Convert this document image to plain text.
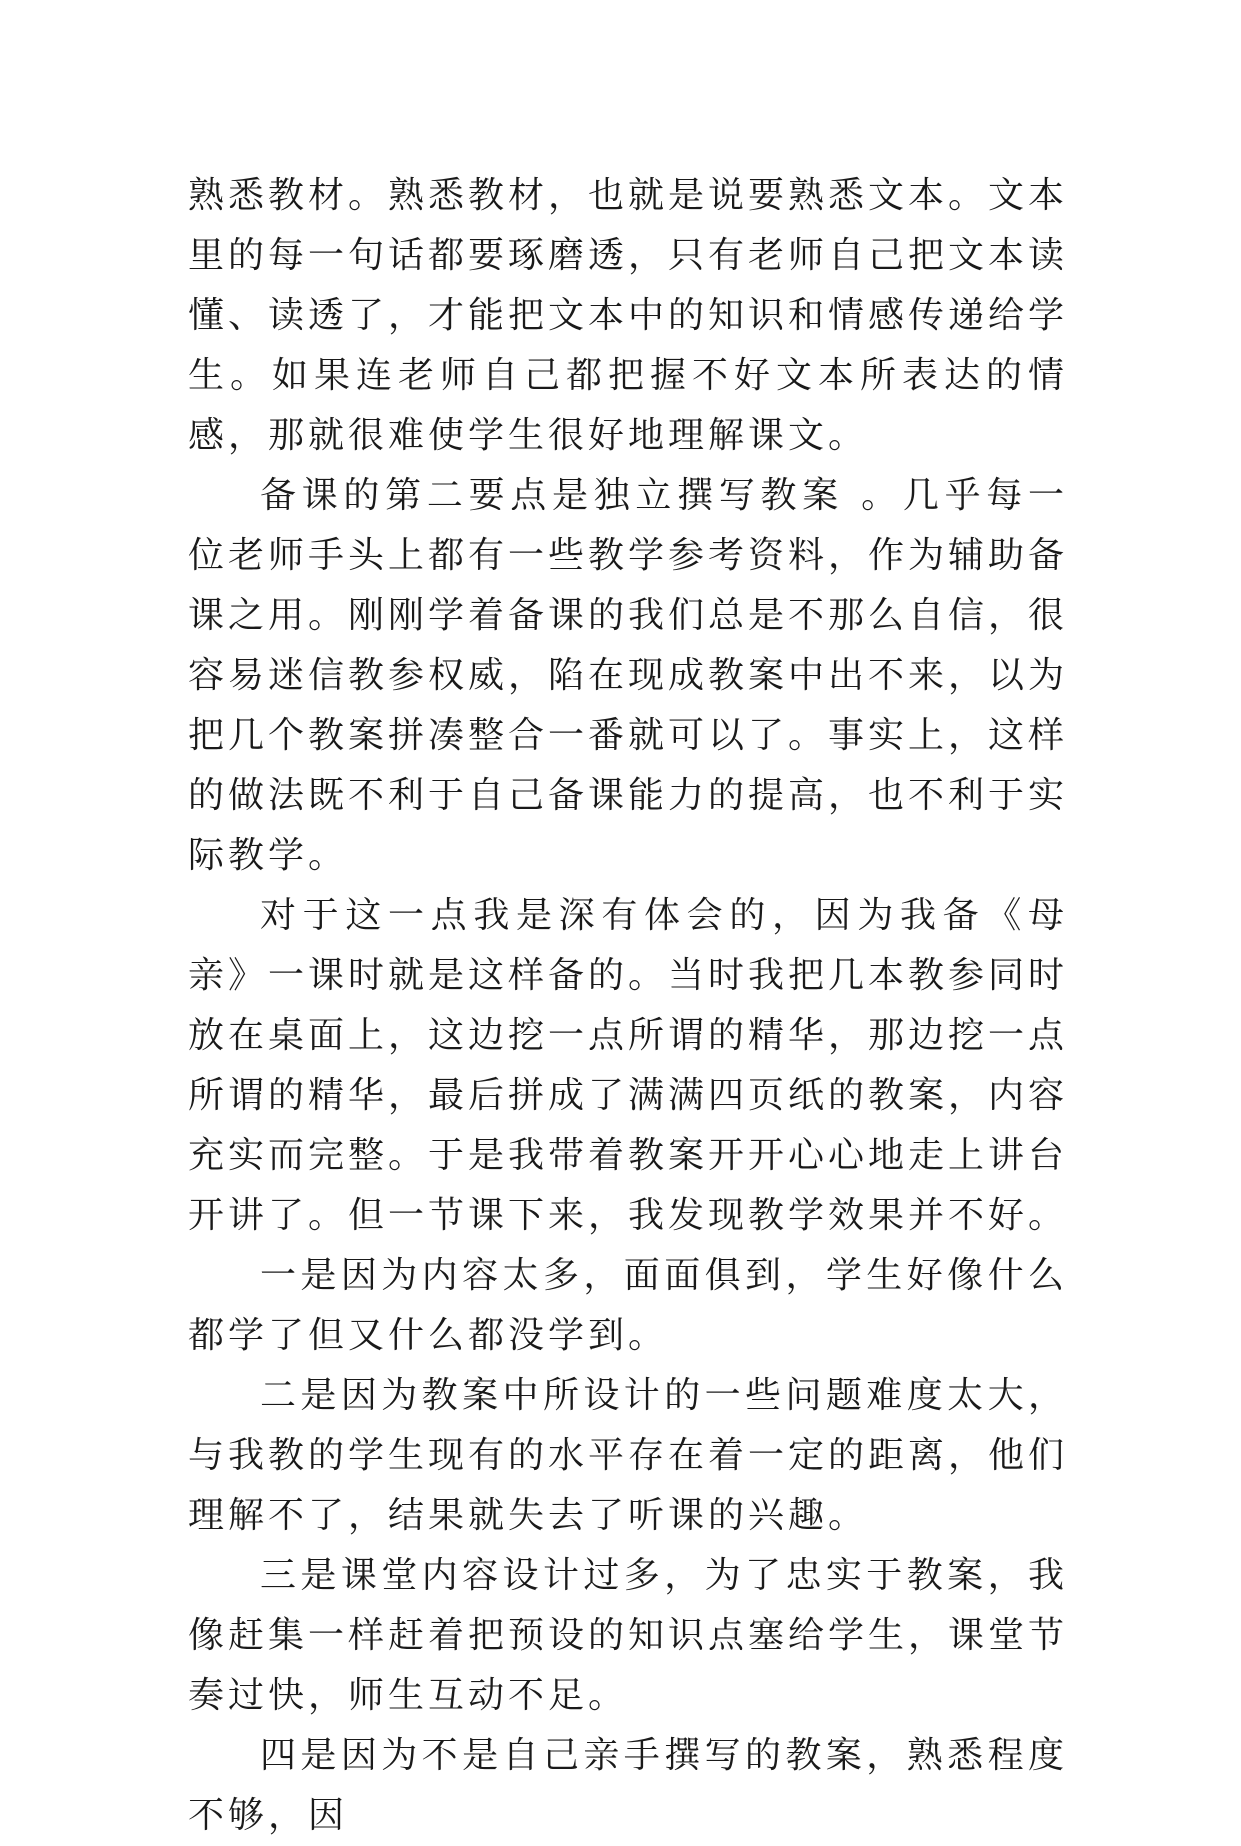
熟悉教材。熟悉教材，也就是说要熟悉文本。文本里的每一句话都要琢磨透，只有老师自己把文本读懂、读透了，才能把文本中的知识和情感传递给学生。如果连老师自己都把握不好文本所表达的情感，那就很难使学生很好地理解课文。

备课的第二要点是独立撰写教案 。几乎每一位老师手头上都有一些教学参考资料，作为辅助备课之用。刚刚学着备课的我们总是不那么自信，很容易迷信教参权威，陷在现成教案中出不来，以为把几个教案拼凑整合一番就可以了。事实上，这样的做法既不利于自己备课能力的提高，也不利于实际教学。

对于这一点我是深有体会的，因为我备《母亲》一课时就是这样备的。当时我把几本教参同时放在桌面上，这边挖一点所谓的精华，那边挖一点所谓的精华，最后拼成了满满四页纸的教案，内容充实而完整。于是我带着教案开开心心地走上讲台开讲了。但一节课下来，我发现教学效果并不好。

一是因为内容太多，面面俱到，学生好像什么都学了但又什么都没学到。

二是因为教案中所设计的一些问题难度太大，与我教的学生现有的水平存在着一定的距离，他们理解不了，结果就失去了听课的兴趣。

三是课堂内容设计过多，为了忠实于教案，我像赶集一样赶着把预设的知识点塞给学生，课堂节奏过快，师生互动不足。

四是因为不是自己亲手撰写的教案，熟悉程度不够，因
